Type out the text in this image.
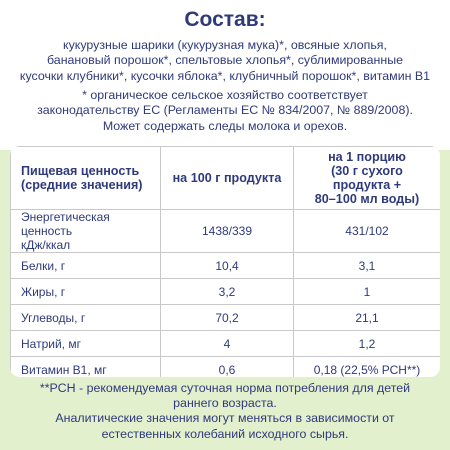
Состав:
кукурузные шарики (кукурузная мука)*, овсяные хлопья,
банановый порошок*, спельтовые хлопья*, сублимированные
кусочки клубники*, кусочки яблока*, клубничный порошок*, витамин B1
* органическое сельское хозяйство соответствует
законодательству ЕС (Регламенты ЕС № 834/2007, № 889/2008).
Может содержать следы молока и орехов.
Пищевая ценность
(средние значения)	на 100 г продукта	на 1 порцию
(30 г сухого
продукта +
80–100 мл воды)
Энергетическая ценность
кДж/ккал	1438/339	431/102
Белки, г	10,4	3,1
Жиры, г	3,2	1
Углеводы, г	70,2	21,1
Натрий, мг	4	1,2
Витамин В1, мг	0,6	0,18 (22,5% РСН**)
**РСН - рекомендуемая суточная норма потребления для детей
раннего возраста.
Аналитические значения могут меняться в зависимости от
естественных колебаний исходного сырья.
